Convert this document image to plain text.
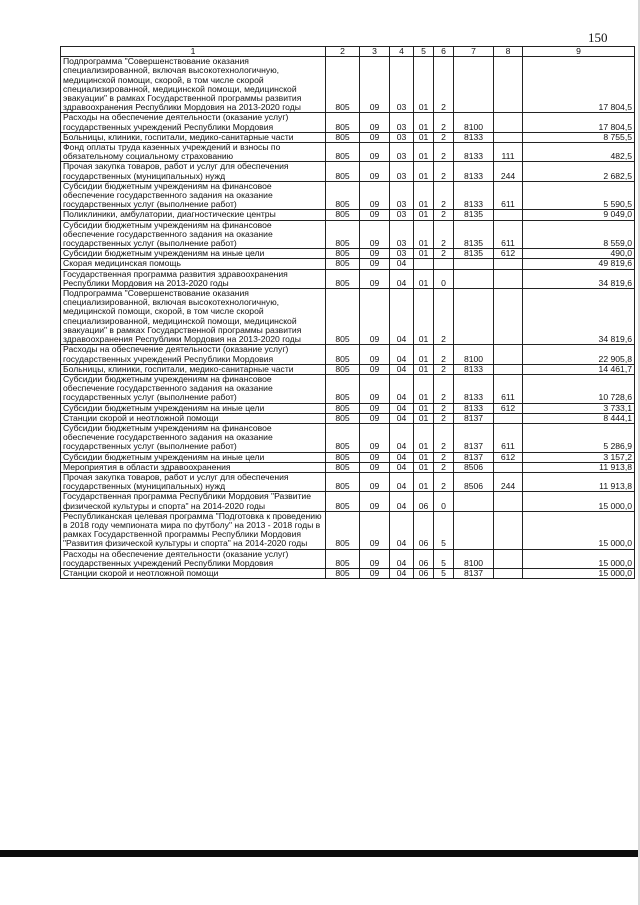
150
1	2	3	4	5	6	7	8	9
Подпрограмма "Совершенствование оказания специализированной, включая высокотехнологичную, медицинской помощи, скорой, в том числе скорой специализированной, медицинской помощи, медицинской эвакуации" в рамках Государственной программы развития здравоохранения Республики Мордовия на 2013-2020 годы	805	09	03	01	2			17 804,5
Расходы на обеспечение деятельности (оказание услуг) государственных учреждений Республики Мордовия	805	09	03	01	2	8100		17 804,5
Больницы, клиники, госпитали, медико-санитарные части	805	09	03	01	2	8133		8 755,5
Фонд оплаты труда казенных учреждений и взносы по обязательному социальному страхованию	805	09	03	01	2	8133	111	482,5
Прочая закупка товаров, работ и услуг для обеспечения государственных (муниципальных) нужд	805	09	03	01	2	8133	244	2 682,5
Субсидии бюджетным учреждениям на финансовое обеспечение государственного задания на оказание государственных услуг (выполнение работ)	805	09	03	01	2	8133	611	5 590,5
Поликлиники, амбулатории, диагностические центры	805	09	03	01	2	8135		9 049,0
Субсидии бюджетным учреждениям на финансовое обеспечение государственного задания на оказание государственных услуг (выполнение работ)	805	09	03	01	2	8135	611	8 559,0
Субсидии бюджетным учреждениям на иные цели	805	09	03	01	2	8135	612	490,0
Скорая медицинская помощь	805	09	04					49 819,6
Государственная программа развития здравоохранения Республики Мордовия на 2013-2020 годы	805	09	04	01	0			34 819,6
Подпрограмма "Совершенствование оказания специализированной, включая высокотехнологичную, медицинской помощи, скорой, в том числе скорой специализированной, медицинской помощи, медицинской эвакуации" в рамках Государственной программы развития здравоохранения Республики Мордовия на 2013-2020 годы	805	09	04	01	2			34 819,6
Расходы на обеспечение деятельности (оказание услуг) государственных учреждений Республики Мордовия	805	09	04	01	2	8100		22 905,8
Больницы, клиники, госпитали, медико-санитарные части	805	09	04	01	2	8133		14 461,7
Субсидии бюджетным учреждениям на финансовое обеспечение государственного задания на оказание государственных услуг (выполнение работ)	805	09	04	01	2	8133	611	10 728,6
Субсидии бюджетным учреждениям на иные цели	805	09	04	01	2	8133	612	3 733,1
Станции скорой и неотложной помощи	805	09	04	01	2	8137		8 444,1
Субсидии бюджетным учреждениям на финансовое обеспечение государственного задания на оказание государственных услуг (выполнение работ)	805	09	04	01	2	8137	611	5 286,9
Субсидии бюджетным учреждениям на иные цели	805	09	04	01	2	8137	612	3 157,2
Мероприятия в области здравоохранения	805	09	04	01	2	8506		11 913,8
Прочая закупка товаров, работ и услуг для обеспечения государственных (муниципальных) нужд	805	09	04	01	2	8506	244	11 913,8
Государственная программа Республики Мордовия "Развитие физической культуры и спорта" на 2014-2020 годы	805	09	04	06	0			15 000,0
Республиканская целевая программа "Подготовка к проведению в 2018 году чемпионата мира по футболу" на 2013 - 2018 годы в рамках Государственной программы Республики Мордовия "Развития физической культуры и спорта" на 2014-2020 годы	805	09	04	06	5			15 000,0
Расходы на обеспечение деятельности (оказание услуг) государственных учреждений Республики Мордовия	805	09	04	06	5	8100		15 000,0
Станции скорой и неотложной помощи	805	09	04	06	5	8137		15 000,0
